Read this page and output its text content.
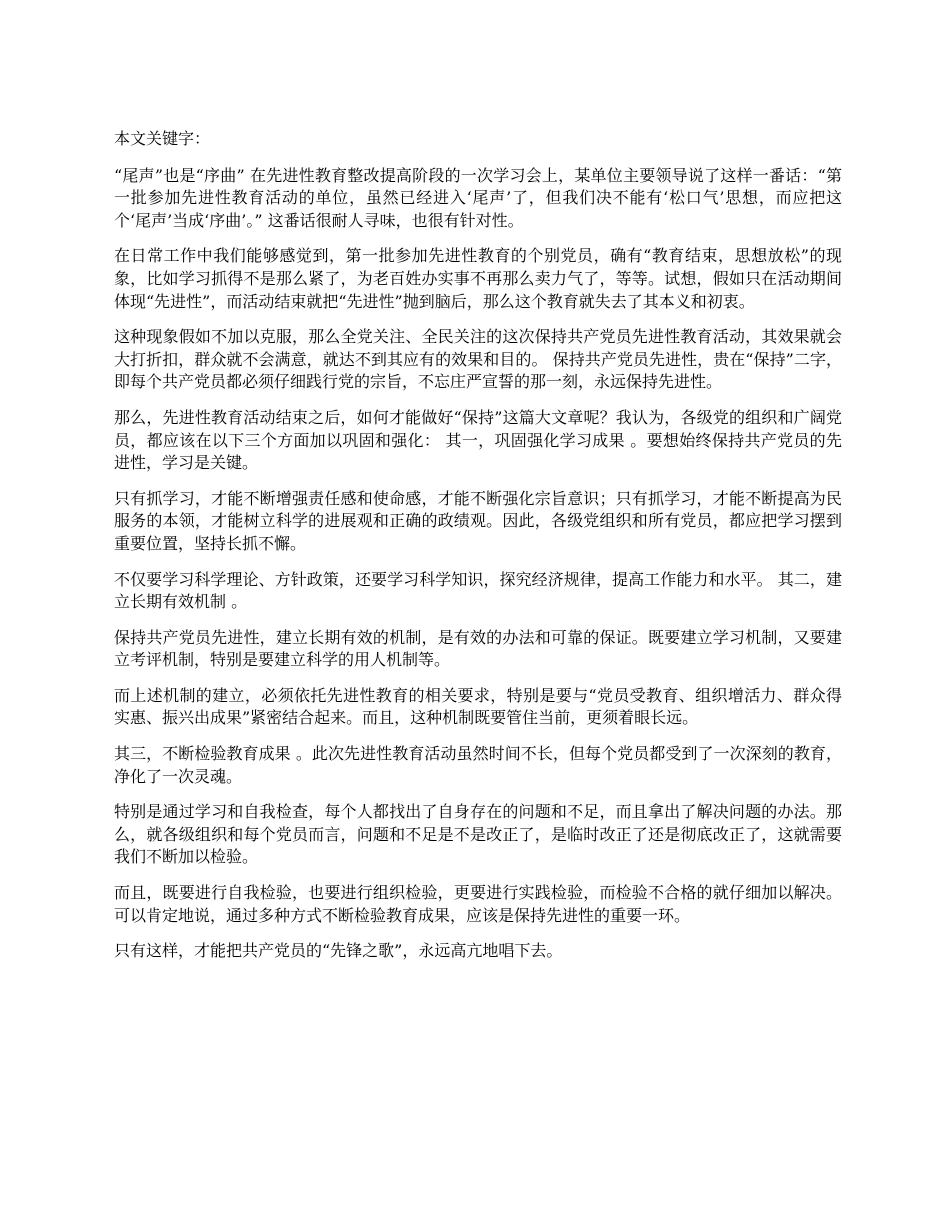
本文关键字：

“尾声”也是“序曲” 在先进性教育整改提高阶段的一次学习会上，某单位主要领导说了这样一番话：“第一批参加先进性教育活动的单位，虽然已经进入‘尾声’了，但我们决不能有‘松口气’思想，而应把这个‘尾声’当成‘序曲’。” 这番话很耐人寻味，也很有针对性。

在日常工作中我们能够感觉到，第一批参加先进性教育的个别党员，确有“教育结束，思想放松”的现象，比如学习抓得不是那么紧了，为老百姓办实事不再那么卖力气了，等等。试想，假如只在活动期间体现“先进性”，而活动结束就把“先进性”抛到脑后，那么这个教育就失去了其本义和初衷。

这种现象假如不加以克服，那么全党关注、全民关注的这次保持共产党员先进性教育活动，其效果就会大打折扣，群众就不会满意，就达不到其应有的效果和目的。 保持共产党员先进性，贵在“保持”二字，即每个共产党员都必须仔细践行党的宗旨，不忘庄严宣誓的那一刻，永远保持先进性。

那么，先进性教育活动结束之后，如何才能做好“保持”这篇大文章呢？我认为，各级党的组织和广阔党员，都应该在以下三个方面加以巩固和强化： 其一，巩固强化学习成果 。要想始终保持共产党员的先进性，学习是关键。

只有抓学习，才能不断增强责任感和使命感，才能不断强化宗旨意识；只有抓学习，才能不断提高为民服务的本领，才能树立科学的进展观和正确的政绩观。因此，各级党组织和所有党员，都应把学习摆到重要位置，坚持长抓不懈。

不仅要学习科学理论、方针政策，还要学习科学知识，探究经济规律，提高工作能力和水平。 其二，建立长期有效机制 。

保持共产党员先进性，建立长期有效的机制，是有效的办法和可靠的保证。既要建立学习机制，又要建立考评机制，特别是要建立科学的用人机制等。

而上述机制的建立，必须依托先进性教育的相关要求，特别是要与“党员受教育、组织增活力、群众得实惠、振兴出成果”紧密结合起来。而且，这种机制既要管住当前，更须着眼长远。

其三，不断检验教育成果 。此次先进性教育活动虽然时间不长，但每个党员都受到了一次深刻的教育，净化了一次灵魂。

特别是通过学习和自我检查，每个人都找出了自身存在的问题和不足，而且拿出了解决问题的办法。那么，就各级组织和每个党员而言，问题和不足是不是改正了，是临时改正了还是彻底改正了，这就需要我们不断加以检验。

而且，既要进行自我检验，也要进行组织检验，更要进行实践检验，而检验不合格的就仔细加以解决。可以肯定地说，通过多种方式不断检验教育成果，应该是保持先进性的重要一环。

只有这样，才能把共产党员的“先锋之歌”，永远高亢地唱下去。
